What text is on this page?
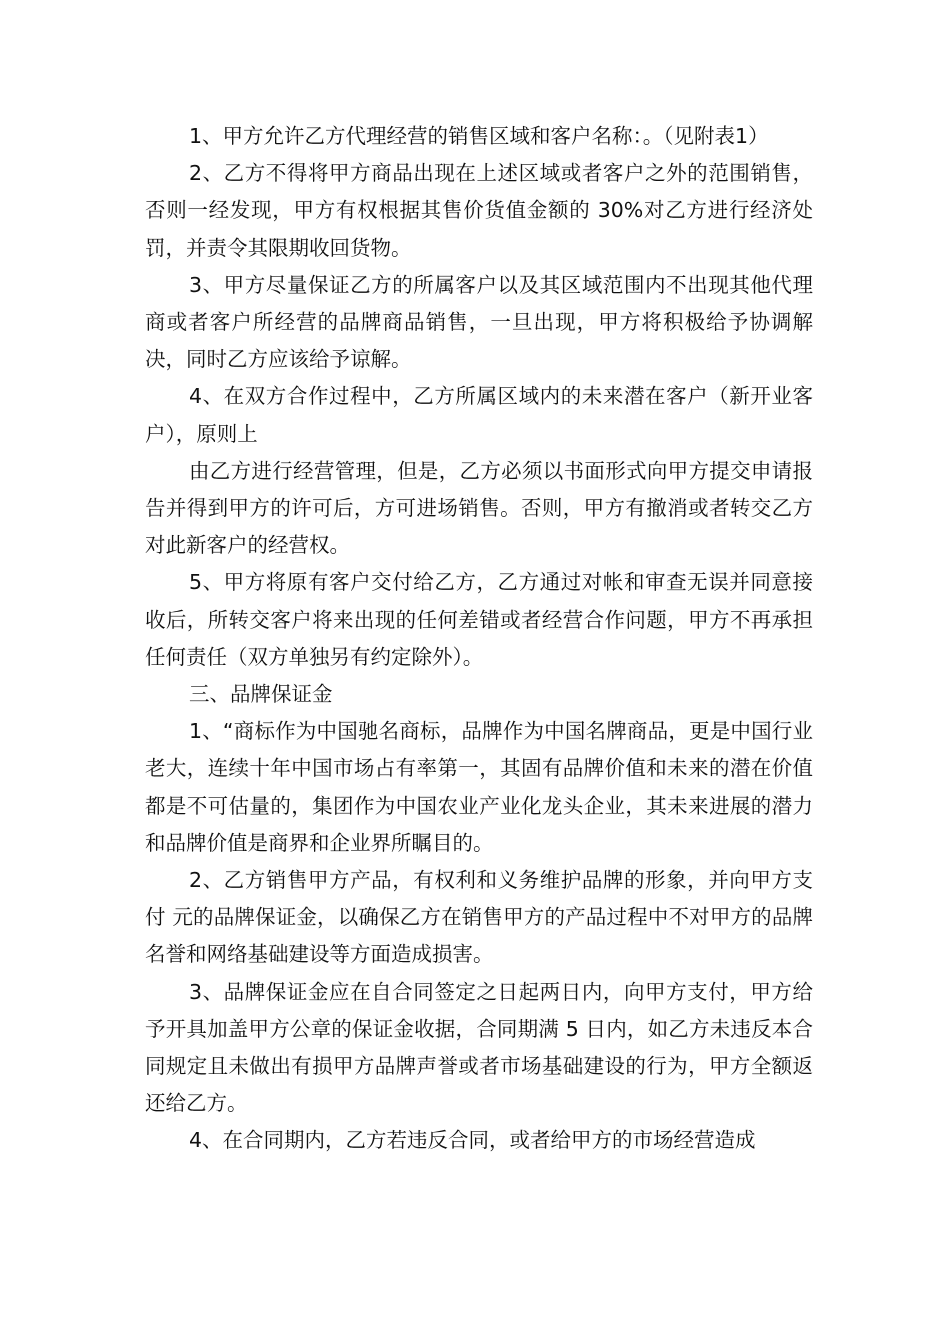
1、甲方允许乙方代理经营的销售区域和客户名称：。（见附表1）

2、乙方不得将甲方商品出现在上述区域或者客户之外的范围销售，否则一经发现，甲方有权根据其售价货值金额的 30%对乙方进行经济处罚，并责令其限期收回货物。

3、甲方尽量保证乙方的所属客户以及其区域范围内不出现其他代理商或者客户所经营的品牌商品销售，一旦出现，甲方将积极给予协调解决，同时乙方应该给予谅解。

4、在双方合作过程中，乙方所属区域内的未来潜在客户（新开业客户），原则上

由乙方进行经营管理，但是，乙方必须以书面形式向甲方提交申请报告并得到甲方的许可后，方可进场销售。否则，甲方有撤消或者转交乙方对此新客户的经营权。

5、甲方将原有客户交付给乙方，乙方通过对帐和审查无误并同意接收后，所转交客户将来出现的任何差错或者经营合作问题，甲方不再承担任何责任（双方单独另有约定除外）。

三、品牌保证金

1、“商标作为中国驰名商标，品牌作为中国名牌商品，更是中国行业老大，连续十年中国市场占有率第一，其固有品牌价值和未来的潜在价值都是不可估量的，集团作为中国农业产业化龙头企业，其未来进展的潜力和品牌价值是商界和企业界所瞩目的。

2、乙方销售甲方产品，有权利和义务维护品牌的形象，并向甲方支付 元的品牌保证金，以确保乙方在销售甲方的产品过程中不对甲方的品牌名誉和网络基础建设等方面造成损害。

3、品牌保证金应在自合同签定之日起两日内，向甲方支付，甲方给予开具加盖甲方公章的保证金收据，合同期满 5 日内，如乙方未违反本合同规定且未做出有损甲方品牌声誉或者市场基础建设的行为，甲方全额返还给乙方。

4、在合同期内，乙方若违反合同，或者给甲方的市场经营造成
